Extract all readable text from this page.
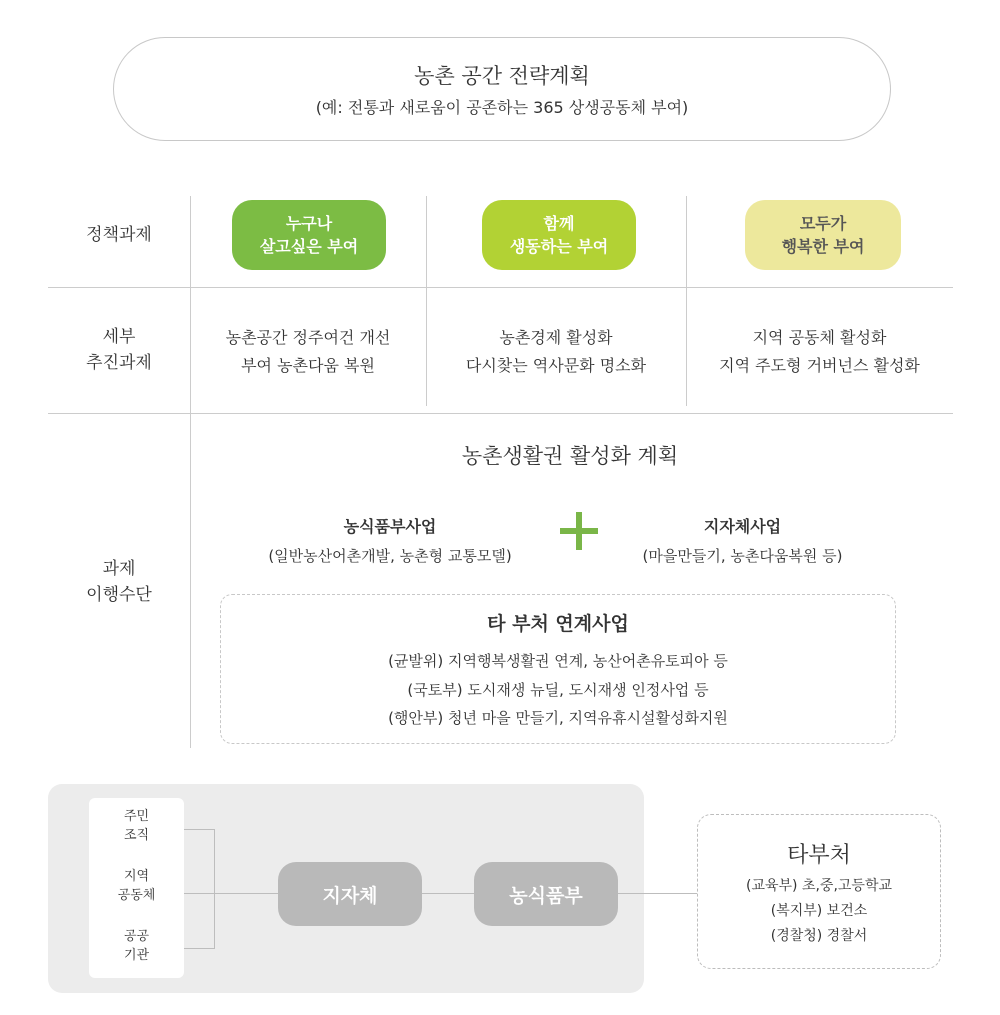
농촌 공간 전략계획
(예: 전통과 새로움이 공존하는 365 상생공동체 부여)
정책과제
세부
추진과제
과제
이행수단
누구나
살고싶은 부여
함께
생동하는 부여
모두가
행복한 부여
농촌공간 정주여건 개선
부여 농촌다움 복원
농촌경제 활성화
다시찾는 역사문화 명소화
지역 공동체 활성화
지역 주도형 거버넌스 활성화
농촌생활권 활성화 계획
농식품부사업
(일반농산어촌개발, 농촌형 교통모델)
지자체사업
(마을만들기, 농촌다움복원 등)
타 부처 연계사업
(균발위) 지역행복생활권 연계, 농산어촌유토피아 등
(국토부) 도시재생 뉴딜, 도시재생 인정사업 등
(행안부) 청년 마을 만들기, 지역유휴시설활성화지원
주민
조직
지역
공동체
공공
기관
지자체	농식품부
타부처
(교육부) 초,중,고등학교
(복지부) 보건소
(경찰청) 경찰서
